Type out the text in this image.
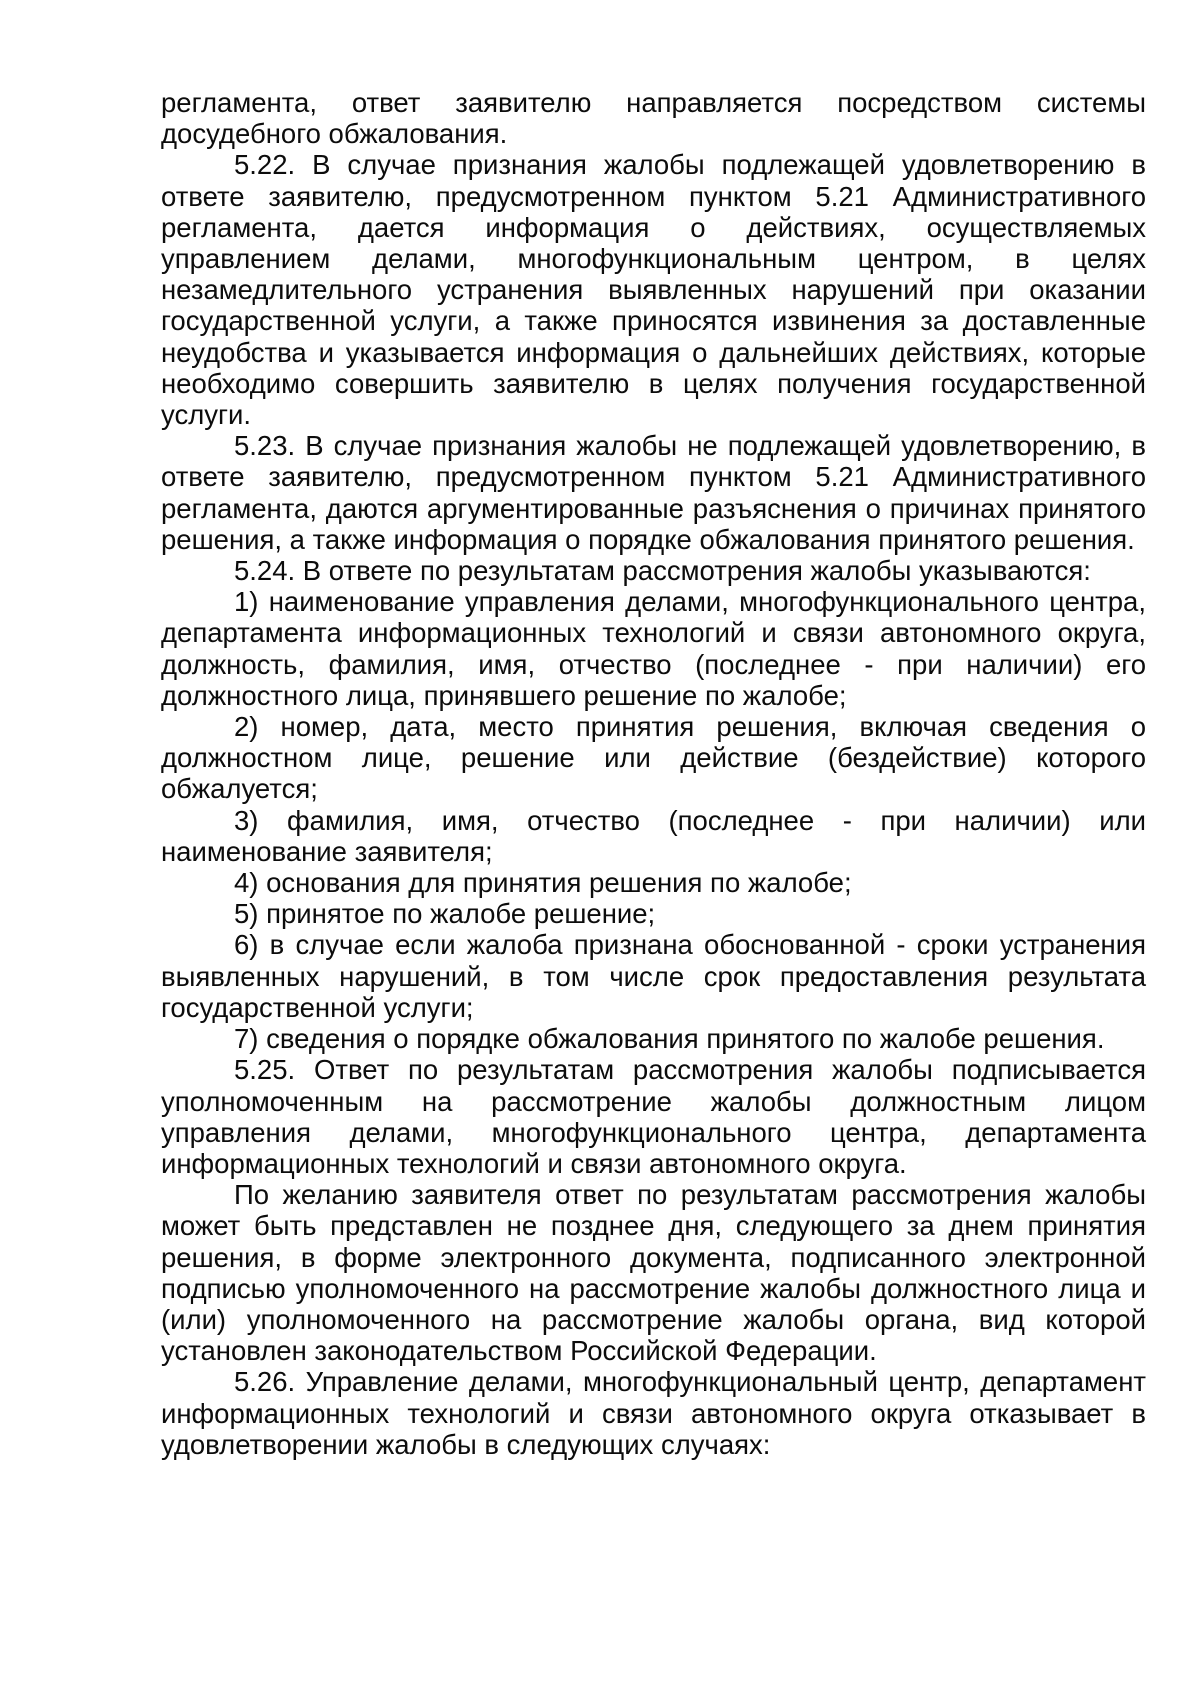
регламента, ответ заявителю направляется посредством системы досудебного обжалования.

5.22. В случае признания жалобы подлежащей удовлетворению в ответе заявителю, предусмотренном пунктом 5.21 Административного регламента, дается информация о действиях, осуществляемых управлением делами, многофункциональным центром, в целях незамедлительного устранения выявленных нарушений при оказании государственной услуги, а также приносятся извинения за доставленные неудобства и указывается информация о дальнейших действиях, которые необходимо совершить заявителю в целях получения государственной услуги.

5.23. В случае признания жалобы не подлежащей удовлетворению, в ответе заявителю, предусмотренном пунктом 5.21 Административного регламента, даются аргументированные разъяснения о причинах принятого решения, а также информация о порядке обжалования принятого решения.

5.24. В ответе по результатам рассмотрения жалобы указываются:

1) наименование управления делами, многофункционального центра, департамента информационных технологий и связи автономного округа, должность, фамилия, имя, отчество (последнее - при наличии) его должностного лица, принявшего решение по жалобе;

2) номер, дата, место принятия решения, включая сведения о должностном лице, решение или действие (бездействие) которого обжалуется;

3) фамилия, имя, отчество (последнее - при наличии) или наименование заявителя;

4) основания для принятия решения по жалобе;

5) принятое по жалобе решение;

6) в случае если жалоба признана обоснованной - сроки устранения выявленных нарушений, в том числе срок предоставления результата государственной услуги;

7) сведения о порядке обжалования принятого по жалобе решения.

5.25. Ответ по результатам рассмотрения жалобы подписывается уполномоченным на рассмотрение жалобы должностным лицом управления делами, многофункционального центра, департамента информационных технологий и связи автономного округа.

По желанию заявителя ответ по результатам рассмотрения жалобы может быть представлен не позднее дня, следующего за днем принятия решения, в форме электронного документа, подписанного электронной подписью уполномоченного на рассмотрение жалобы должностного лица и (или) уполномоченного на рассмотрение жалобы органа, вид которой установлен законодательством Российской Федерации.

5.26. Управление делами, многофункциональный центр, департамент информационных технологий и связи автономного округа отказывает в удовлетворении жалобы в следующих случаях:
